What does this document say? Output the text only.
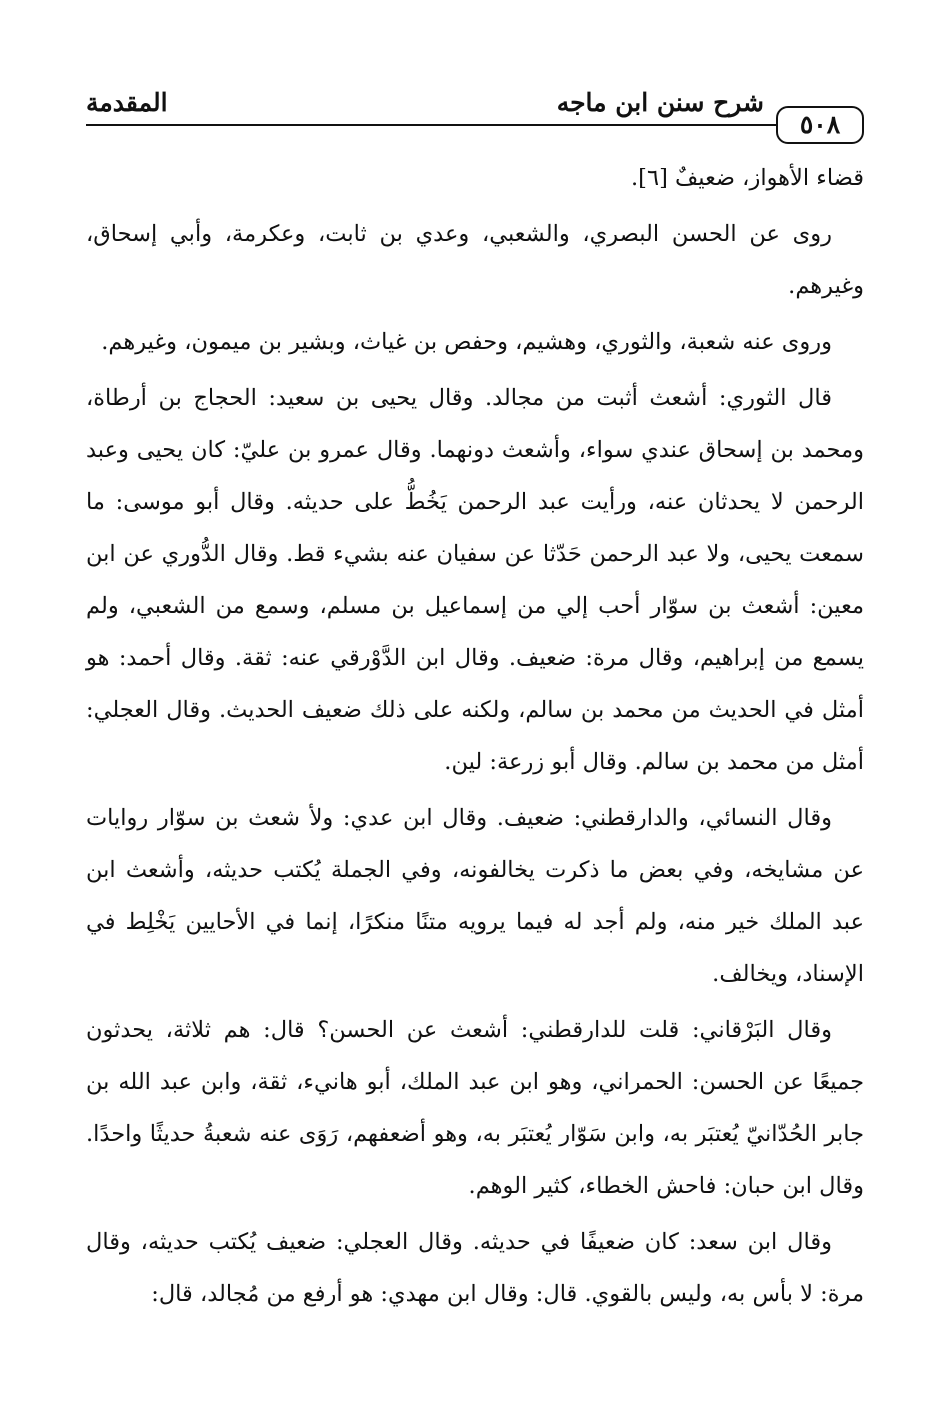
شرح سنن ابن ماجه
المقدمة
٥٠٨

قضاء الأهواز، ضعيفٌ [٦].

روى عن الحسن البصري، والشعبي، وعدي بن ثابت، وعكرمة، وأبي إسحاق، وغيرهم.

وروى عنه شعبة، والثوري، وهشيم، وحفص بن غياث، وبشير بن ميمون، وغيرهم.

قال الثوري: أشعث أثبت من مجالد. وقال يحيى بن سعيد: الحجاج بن أرطاة، ومحمد بن إسحاق عندي سواء، وأشعث دونهما. وقال عمرو بن عليّ: كان يحيى وعبد الرحمن لا يحدثان عنه، ورأيت عبد الرحمن يَخُطُّ على حديثه. وقال أبو موسى: ما سمعت يحيى، ولا عبد الرحمن حَدّثا عن سفيان عنه بشيء قط. وقال الدُّوري عن ابن معين: أشعث بن سوّار أحب إلي من إسماعيل بن مسلم، وسمع من الشعبي، ولم يسمع من إبراهيم، وقال مرة: ضعيف. وقال ابن الدَّوْرقي عنه: ثقة. وقال أحمد: هو أمثل في الحديث من محمد بن سالم، ولكنه على ذلك ضعيف الحديث. وقال العجلي: أمثل من محمد بن سالم. وقال أبو زرعة: لين.

وقال النسائي، والدارقطني: ضعيف. وقال ابن عدي: ولأ شعث بن سوّار روايات عن مشايخه، وفي بعض ما ذكرت يخالفونه، وفي الجملة يُكتب حديثه، وأشعث ابن عبد الملك خير منه، ولم أجد له فيما يرويه متنًا منكرًا، إنما في الأحايين يَخْلِط في الإسناد، ويخالف.

وقال البَرْقاني: قلت للدارقطني: أشعث عن الحسن؟ قال: هم ثلاثة، يحدثون جميعًا عن الحسن: الحمراني، وهو ابن عبد الملك، أبو هانيء، ثقة، وابن عبد الله بن جابر الحُدّانيّ يُعتبَر به، وابن سَوّار يُعتبَر به، وهو أضعفهم، رَوَى عنه شعبةُ حديثًا واحدًا. وقال ابن حبان: فاحش الخطاء، كثير الوهم.

وقال ابن سعد: كان ضعيفًا في حديثه. وقال العجلي: ضعيف يُكتب حديثه، وقال مرة: لا بأس به، وليس بالقوي. قال: وقال ابن مهدي: هو أرفع من مُجالد، قال:
